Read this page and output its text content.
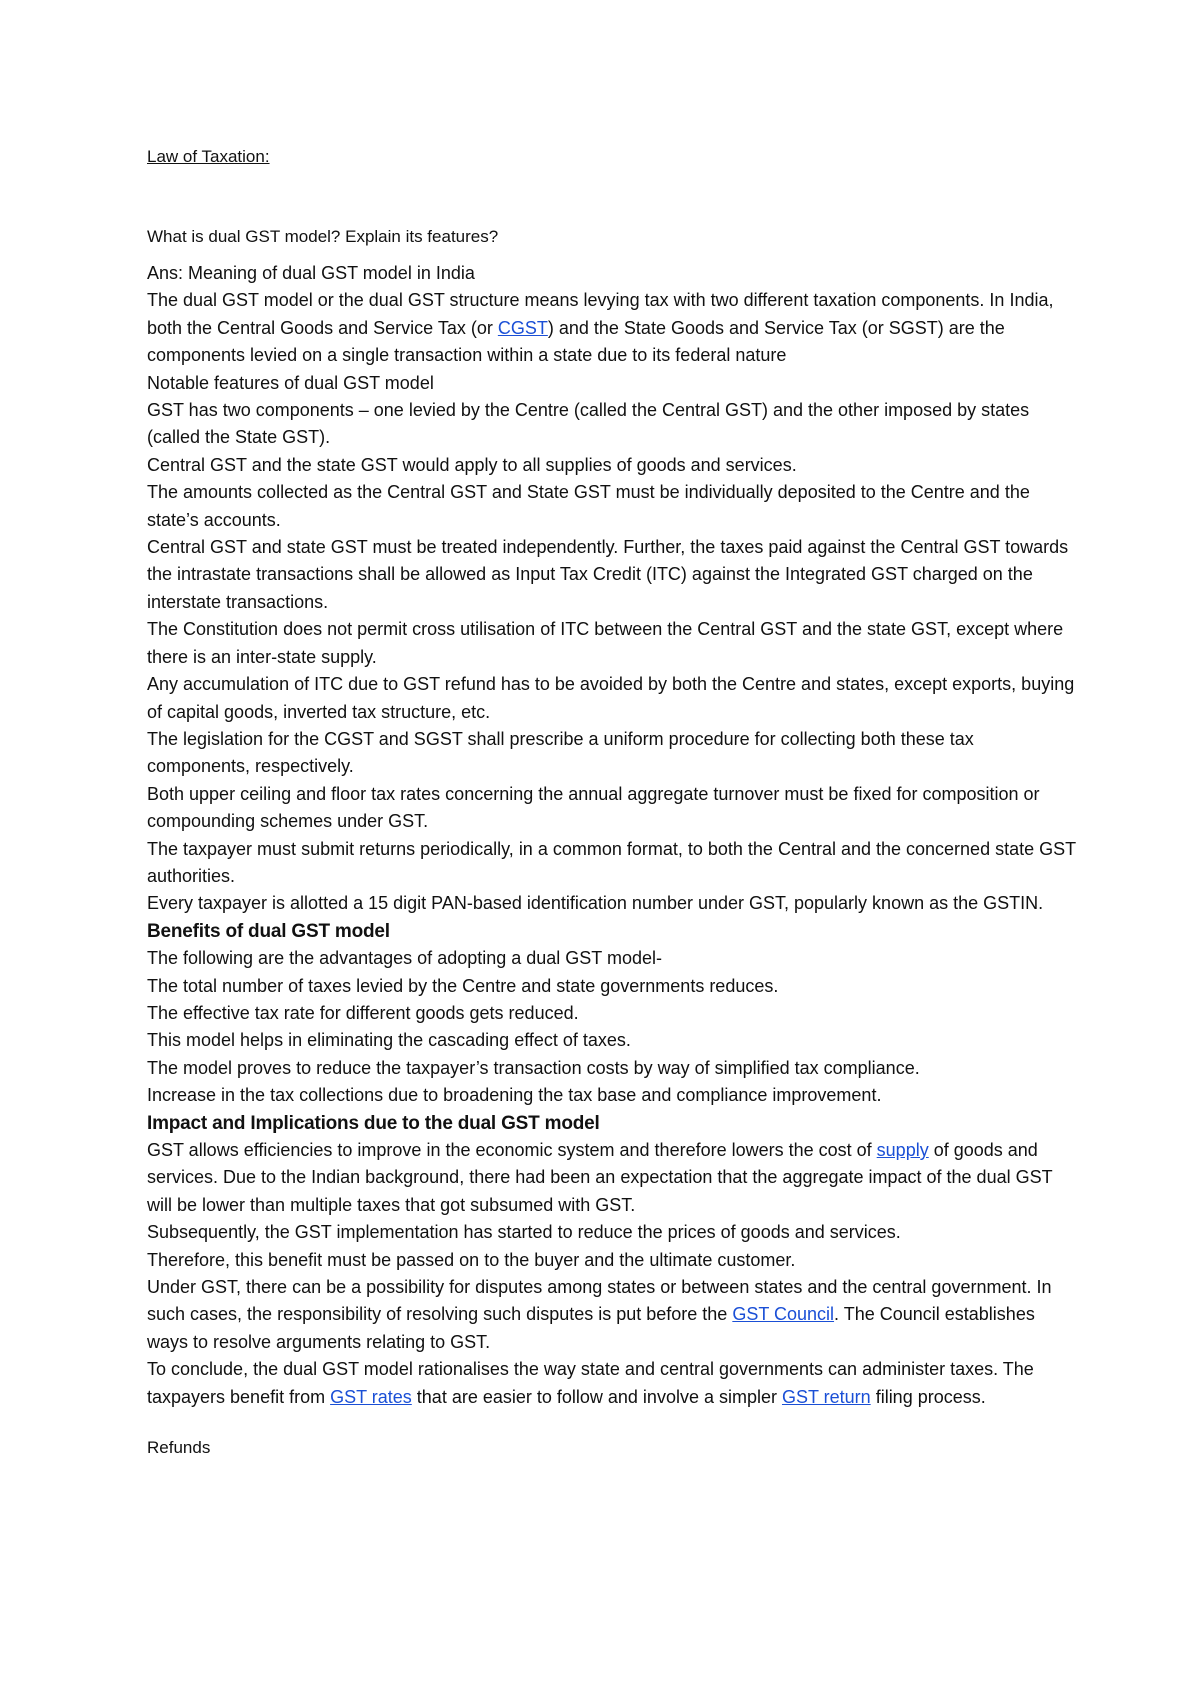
Law of Taxation:

What is dual GST model? Explain its features?

Ans: Meaning of dual GST model in India

The dual GST model or the dual GST structure means levying tax with two different taxation components. In India, both the Central Goods and Service Tax (or CGST) and the State Goods and Service Tax (or SGST) are the components levied on a single transaction within a state due to its federal nature

Notable features of dual GST model

GST has two components – one levied by the Centre (called the Central GST) and the other imposed by states (called the State GST).

Central GST and the state GST would apply to all supplies of goods and services.

The amounts collected as the Central GST and State GST must be individually deposited to the Centre and the state’s accounts.

Central GST and state GST must be treated independently. Further, the taxes paid against the Central GST towards the intrastate transactions shall be allowed as Input Tax Credit (ITC) against the Integrated GST charged on the interstate transactions.

The Constitution does not permit cross utilisation of ITC between the Central GST and the state GST, except where there is an inter-state supply.

Any accumulation of ITC due to GST refund has to be avoided by both the Centre and states, except exports, buying of capital goods, inverted tax structure, etc.

The legislation for the CGST and SGST shall prescribe a uniform procedure for collecting both these tax components, respectively.

Both upper ceiling and floor tax rates concerning the annual aggregate turnover must be fixed for composition or compounding schemes under GST.

The taxpayer must submit returns periodically, in a common format, to both the Central and the concerned state GST authorities.

Every taxpayer is allotted a 15 digit PAN-based identification number under GST, popularly known as the GSTIN.

Benefits of dual GST model

The following are the advantages of adopting a dual GST model-

The total number of taxes levied by the Centre and state governments reduces.

The effective tax rate for different goods gets reduced.

This model helps in eliminating the cascading effect of taxes.

The model proves to reduce the taxpayer’s transaction costs by way of simplified tax compliance.

Increase in the tax collections due to broadening the tax base and compliance improvement.

Impact and Implications due to the dual GST model

GST allows efficiencies to improve in the economic system and therefore lowers the cost of supply of goods and services. Due to the Indian background, there had been an expectation that the aggregate impact of the dual GST will be lower than multiple taxes that got subsumed with GST.

Subsequently, the GST implementation has started to reduce the prices of goods and services.

Therefore, this benefit must be passed on to the buyer and the ultimate customer.

Under GST, there can be a possibility for disputes among states or between states and the central government. In such cases, the responsibility of resolving such disputes is put before the GST Council. The Council establishes ways to resolve arguments relating to GST.

To conclude, the dual GST model rationalises the way state and central governments can administer taxes. The taxpayers benefit from GST rates that are easier to follow and involve a simpler GST return filing process.

Refunds
